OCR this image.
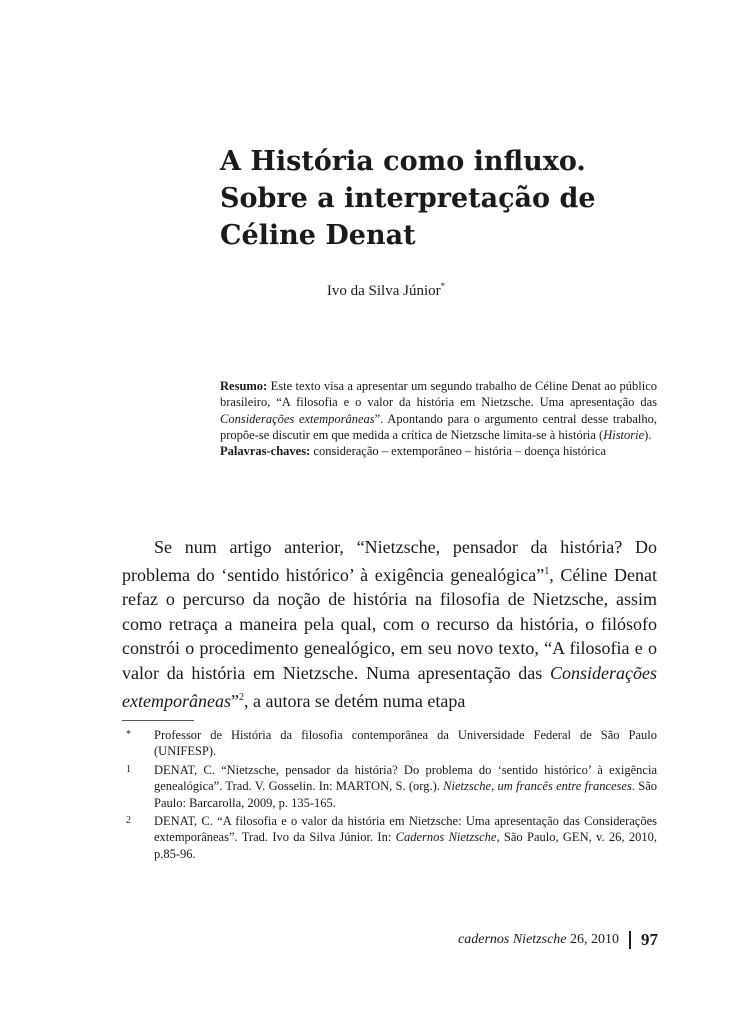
A História como influxo.
Sobre a interpretação de
Céline Denat
Ivo da Silva Júnior*

Resumo: Este texto visa a apresentar um segundo trabalho de Céline Denat ao público brasileiro, “A filosofia e o valor da história em Nietzsche. Uma apresentação das Considerações extemporâneas”. Apontando para o argumento central desse trabalho, propõe-se discutir em que medida a crítica de Nietzsche limita-se à história (Historie).

Palavras-chaves: consideração – extemporâneo – história – doença histórica

Se num artigo anterior, “Nietzsche, pensador da história? Do problema do ‘sentido histórico’ à exigência genealógica”$^1$, Céline Denat refaz o percurso da noção de história na filosofia de Nietzsche, assim como retraça a maneira pela qual, com o recurso da história, o filósofo constrói o procedimento genealógico, em seu novo texto, “A filosofia e o valor da história em Nietzsche. Numa apresentação das Considerações extemporâneas”$^2$, a autora se detém numa etapa

*	Professor de História da filosofia contemporânea da Universidade Federal de São Paulo (UNIFESP).
1	DENAT, C. “Nietzsche, pensador da história? Do problema do ‘sentido histórico’ à exigência genealógica”. Trad. V. Gosselin. In: MARTON, S. (org.). Nietzsche, um francês entre franceses. São Paulo: Barcarolla, 2009, p. 135-165.
2	DENAT, C. “A filosofia e o valor da história em Nietzsche: Uma apresentação das Considerações extemporâneas”. Trad. Ivo da Silva Júnior. In: Cadernos Nietzsche, São Paulo, GEN, v. 26, 2010, p.85-96.
cadernos Nietzsche 26, 2010 97
